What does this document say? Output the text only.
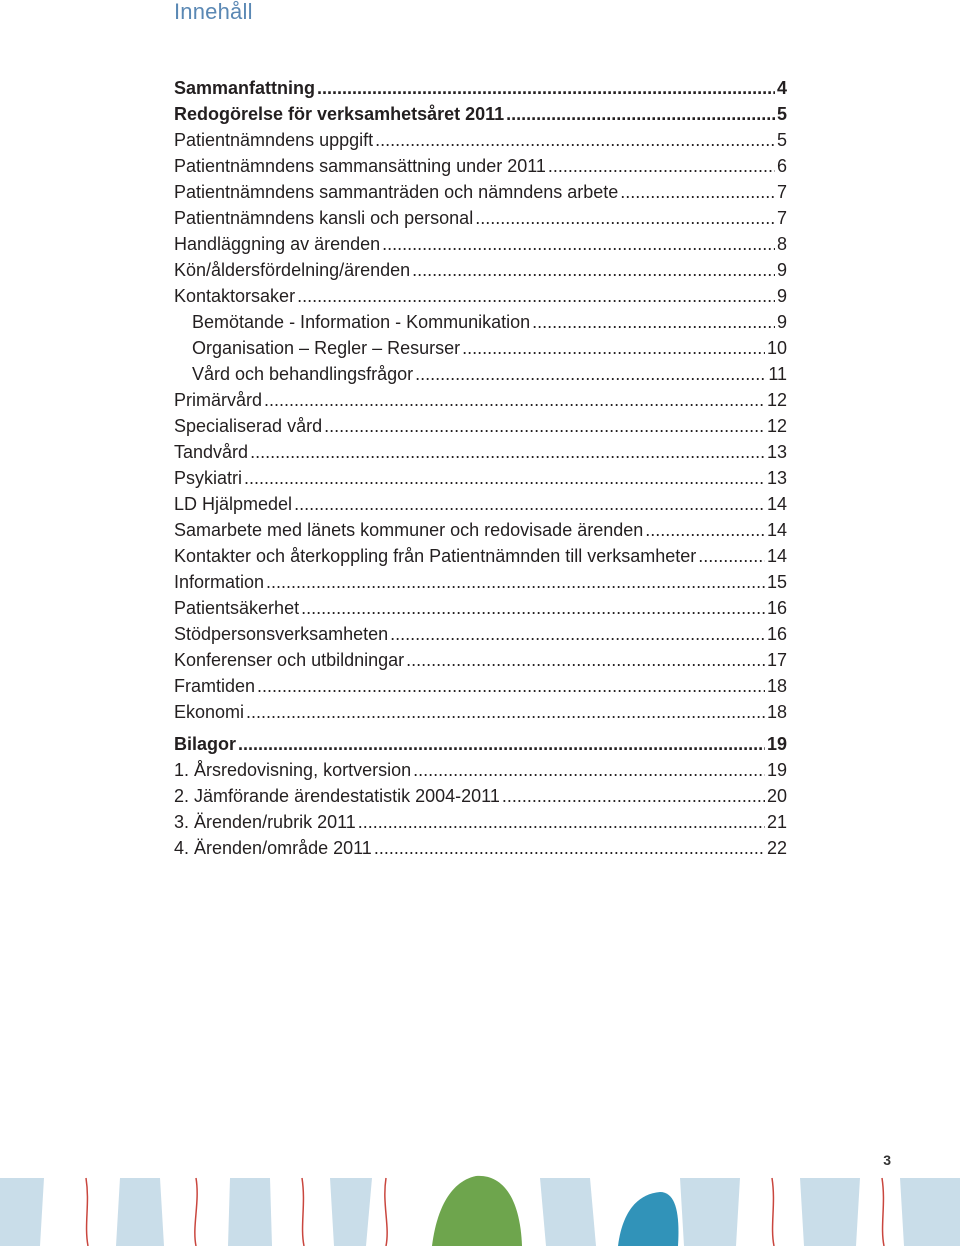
Innehåll
Sammanfattning .....	4
Redogörelse för verksamhetsåret 2011 .....	5
Patientnämndens uppgift .....	5
Patientnämndens sammansättning under 2011 .....	6
Patientnämndens sammanträden och nämndens arbete .....	7
Patientnämndens kansli och personal .....	7
Handläggning av ärenden .....	8
Kön/åldersfördelning/ärenden .....	9
Kontaktorsaker .....	9
Bemötande - Information - Kommunikation .....	9
Organisation – Regler – Resurser .....	10
Vård och behandlingsfrågor .....	11
Primärvård .....	12
Specialiserad vård .....	12
Tandvård .....	13
Psykiatri .....	13
LD Hjälpmedel .....	14
Samarbete med länets kommuner och redovisade ärenden .....	14
Kontakter och återkoppling från Patientnämnden till verksamheter .....	14
Information .....	15
Patientsäkerhet .....	16
Stödpersonsverksamheten .....	16
Konferenser och utbildningar .....	17
Framtiden .....	18
Ekonomi .....	18
Bilagor .....	19
1. Årsredovisning, kortversion .....	19
2. Jämförande ärendestatistik 2004-2011 .....	20
3. Ärenden/rubrik 2011 .....	21
4. Ärenden/område 2011 .....	22
3
